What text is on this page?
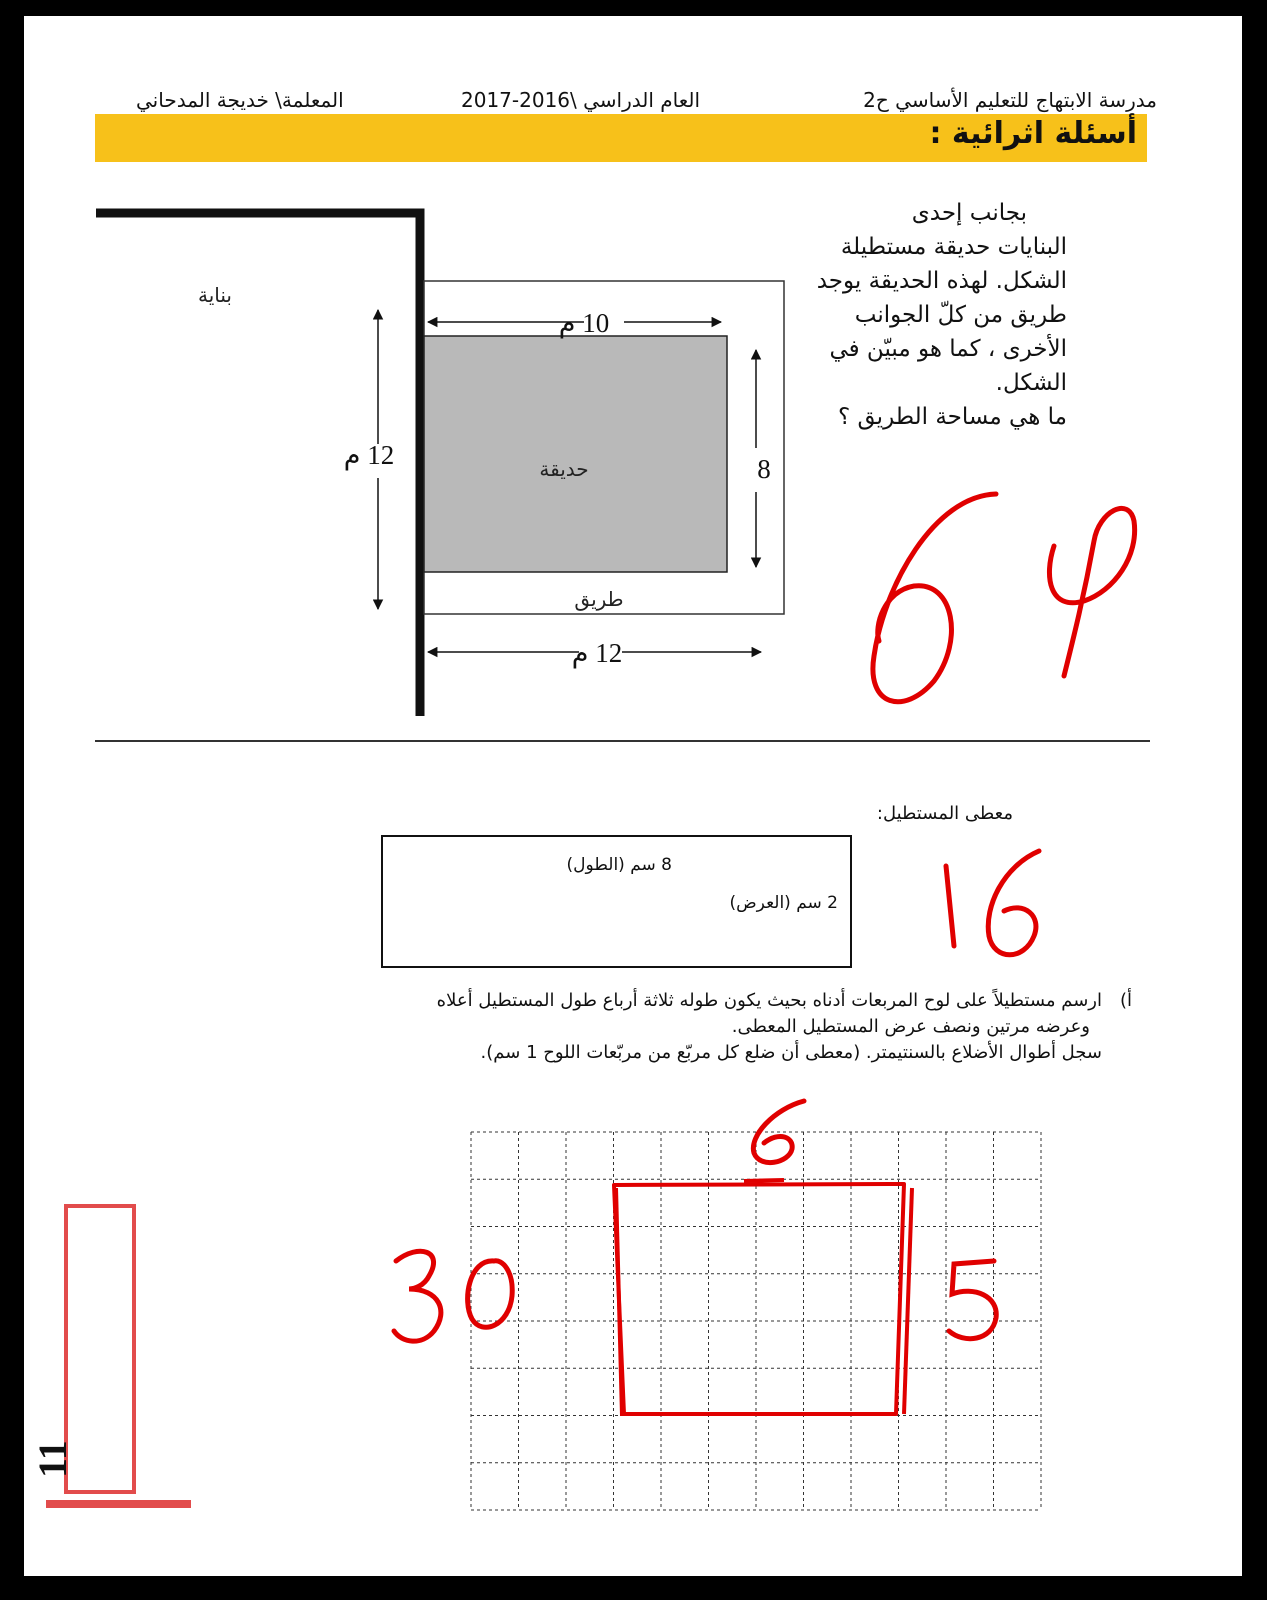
مدرسة الابتهاج للتعليم الأساسي ح2
العام الدراسي \2016-2017
المعلمة\ خديجة المدحاني
أسئلة اثرائية :
بجانب إحدى
البنايات حديقة مستطيلة
الشكل. لهذه الحديقة يوجد
طريق من كلّ الجوانب
الأخرى ، كما هو مبيّن في
الشكل.
ما هي مساحة الطريق ؟
بناية
حديقة
طريق
10 م
12 م	8
12 م
معطى المستطيل:
8 سم (الطول)
2 سم (العرض)
أ)
ارسم مستطيلاً على لوح المربعات أدناه بحيث يكون طوله ثلاثة أرباع طول المستطيل أعلاه
وعرضه مرتين ونصف عرض المستطيل المعطى.
سجل أطوال الأضلاع بالسنتيمتر. (معطى أن ضلع كل مربّع من مربّعات اللوح 1 سم).
11
